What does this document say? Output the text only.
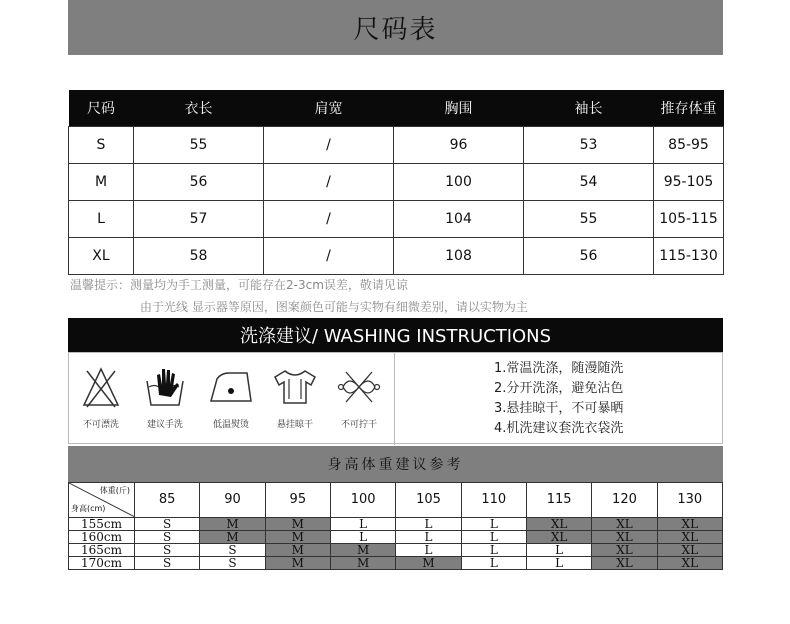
尺码表
尺码	衣长	肩宽	胸围	袖长	推存体重
S	55	/	96	53	85-95
M	56	/	100	54	95-105
L	57	/	104	55	105-115
XL	58	/	108	56	115-130
温馨提示：测量均为手工测量，可能存在2-3cm误差，敬请见谅
由于光线 显示器等原因，图案颜色可能与实物有细微差别，请以实物为主
洗涤建议/ WASHING INSTRUCTIONS
不可漂洗	建议手洗	低温熨烫	悬挂晾干	不可拧干
1.常温洗涤，随漫随洗
2.分开洗涤，避免沾色
3.悬挂晾干，不可暴晒
4.机洗建议套洗衣袋洗
身高体重建议参考
体重(斤)
身高(cm)	85	90	95	100	105	110	115	120	130
155cm	S	M	M	L	L	L	XL	XL	XL
160cm	S	M	M	L	L	L	XL	XL	XL
165cm	S	S	M	M	L	L	L	XL	XL
170cm	S	S	M	M	M	L	L	XL	XL
